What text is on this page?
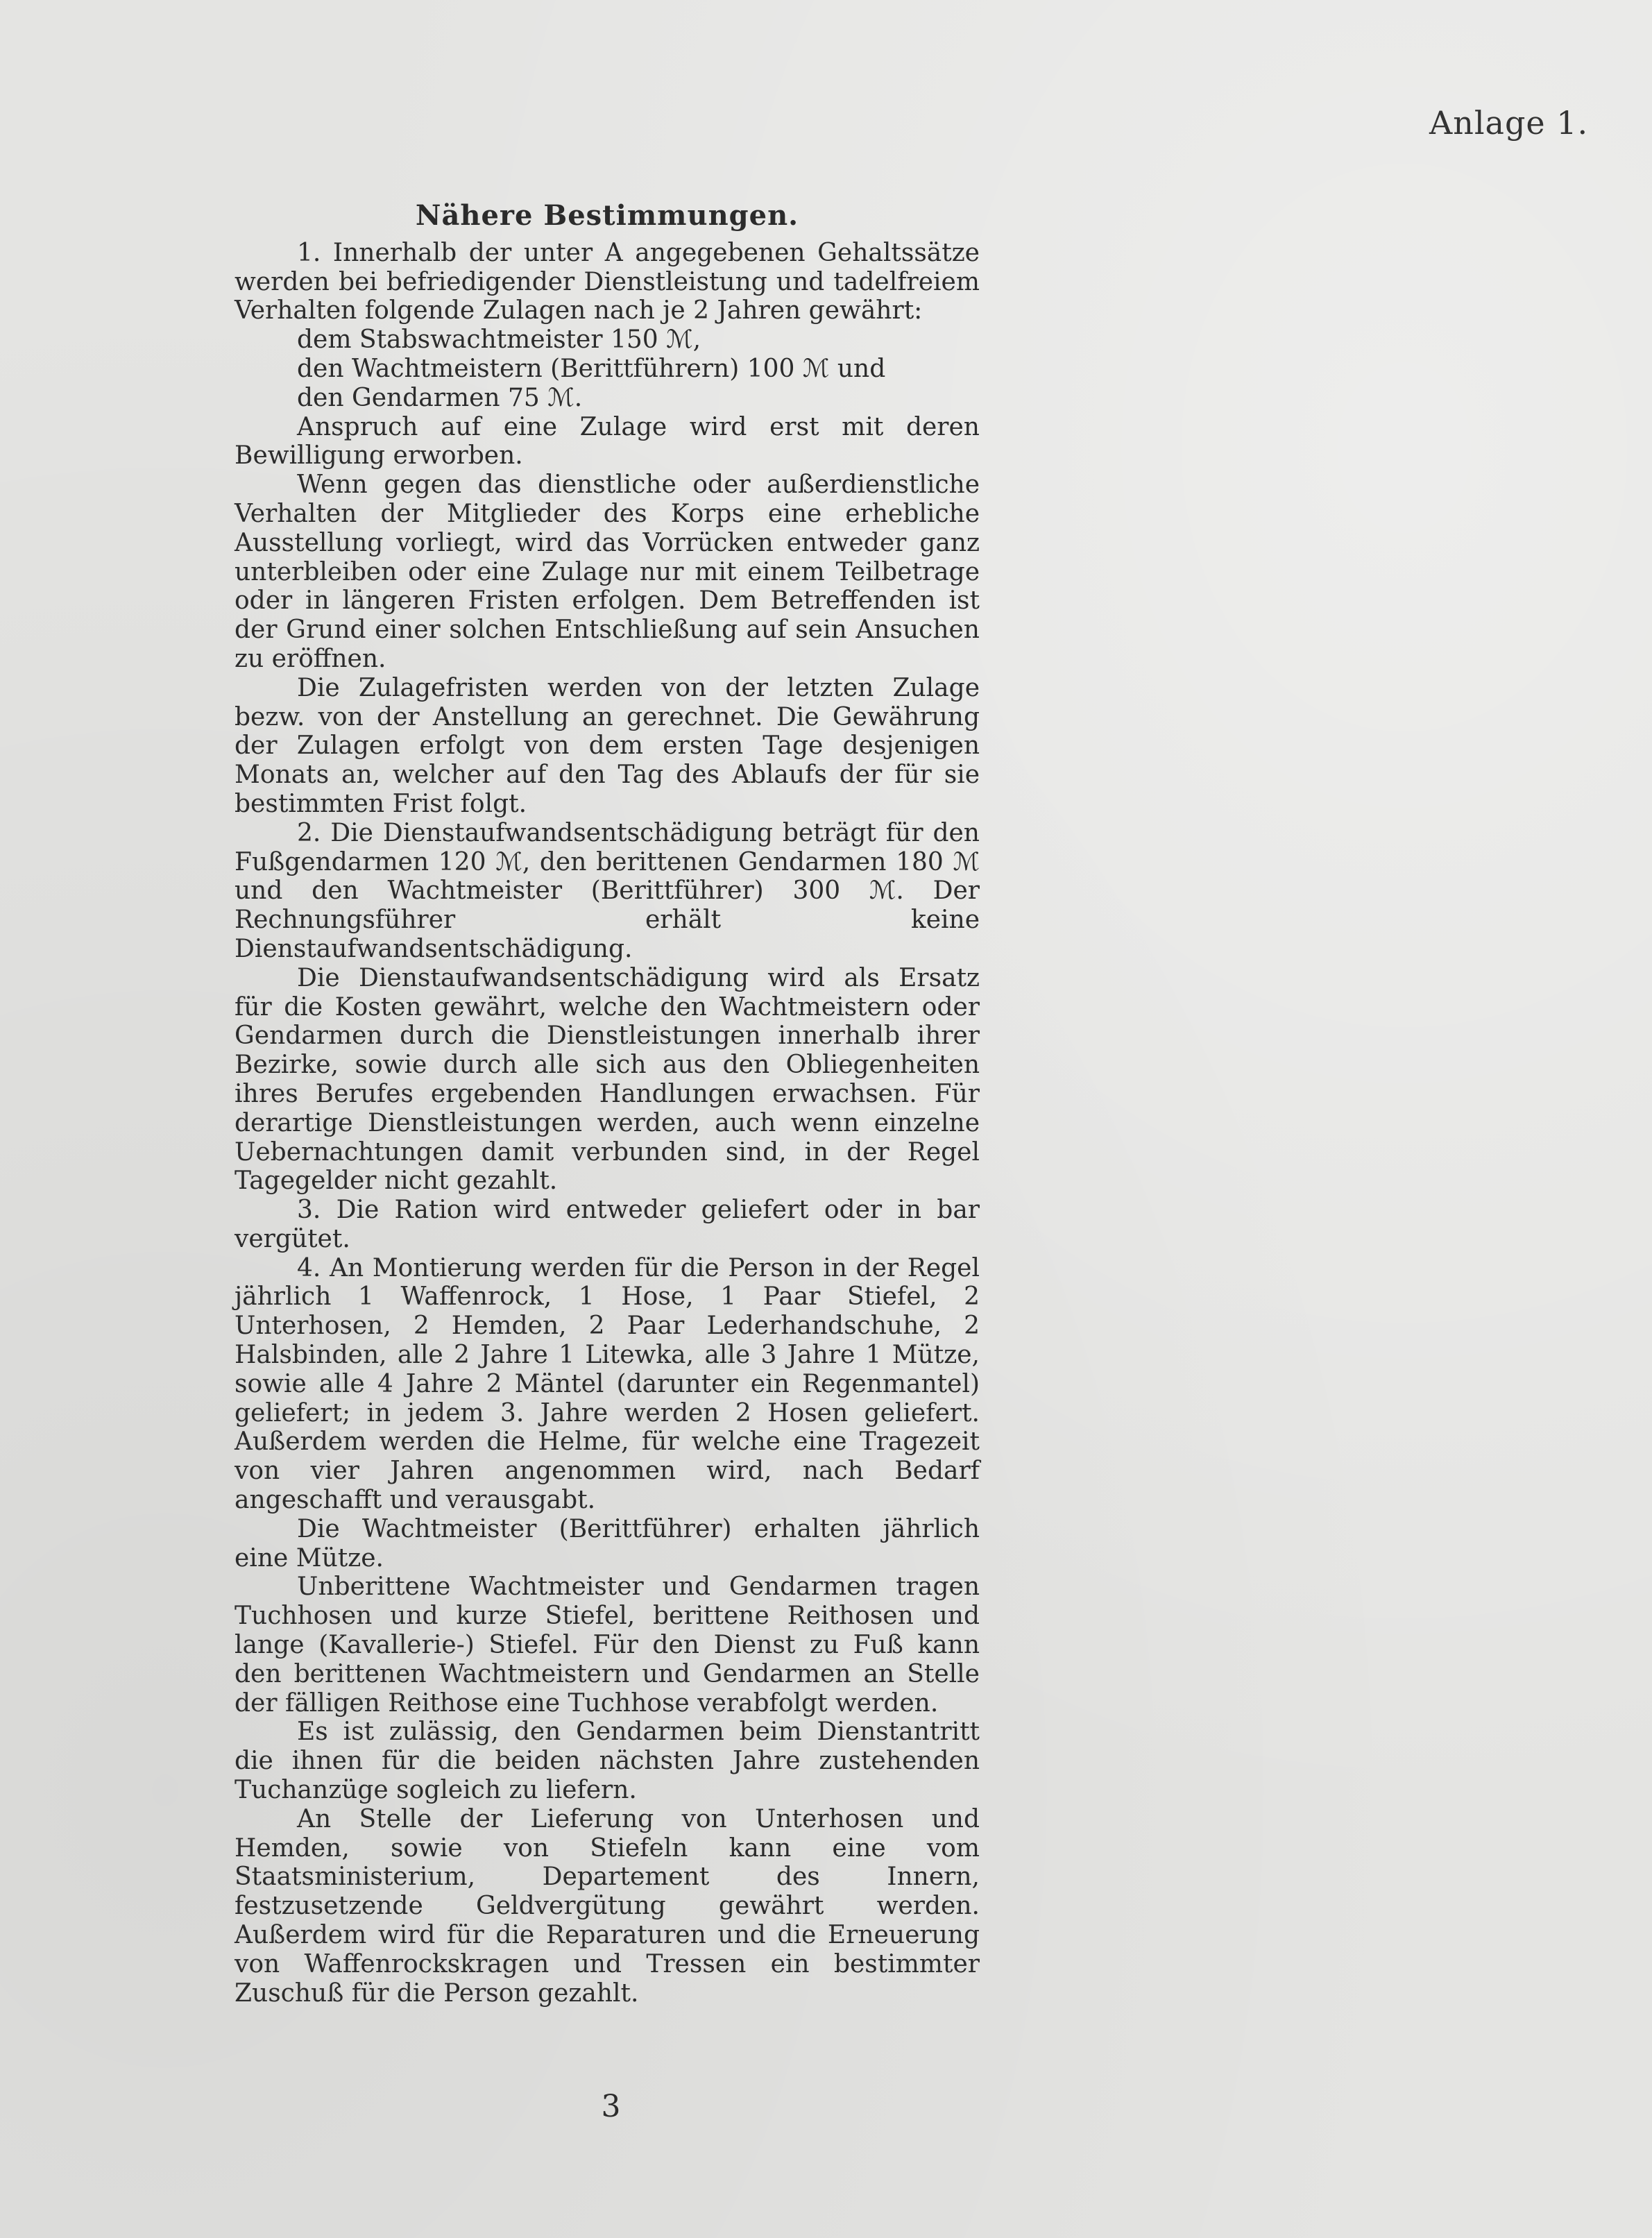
Anlage 1.
Nähere Bestimmungen.
1. Innerhalb der unter A angegebenen Gehaltssätze werden bei befriedigender Dienstleistung und tadelfreiem Verhalten folgende Zulagen nach je 2 Jahren gewährt:
dem Stabswachtmeister 150 ℳ,
den Wachtmeistern (Berittführern) 100 ℳ und
den Gendarmen 75 ℳ.
Anspruch auf eine Zulage wird erst mit deren Bewilligung erworben.
Wenn gegen das dienstliche oder außerdienstliche Verhalten der Mitglieder des Korps eine erhebliche Ausstellung vorliegt, wird das Vorrücken entweder ganz unterbleiben oder eine Zulage nur mit einem Teilbetrage oder in längeren Fristen erfolgen. Dem Betreffenden ist der Grund einer solchen Entschließung auf sein Ansuchen zu eröffnen.
Die Zulagefristen werden von der letzten Zulage bezw. von der Anstellung an gerechnet. Die Gewährung der Zulagen erfolgt von dem ersten Tage desjenigen Monats an, welcher auf den Tag des Ablaufs der für sie bestimmten Frist folgt.
2. Die Dienstaufwandsentschädigung beträgt für den Fußgendarmen 120 ℳ, den berittenen Gendarmen 180 ℳ und den Wachtmeister (Berittführer) 300 ℳ. Der Rechnungsführer erhält keine Dienstaufwandsentschädigung.
Die Dienstaufwandsentschädigung wird als Ersatz für die Kosten gewährt, welche den Wachtmeistern oder Gendarmen durch die Dienstleistungen innerhalb ihrer Bezirke, sowie durch alle sich aus den Obliegenheiten ihres Berufes ergebenden Handlungen erwachsen. Für derartige Dienstleistungen werden, auch wenn einzelne Uebernachtungen damit verbunden sind, in der Regel Tagegelder nicht gezahlt.
3. Die Ration wird entweder geliefert oder in bar vergütet.
4. An Montierung werden für die Person in der Regel jährlich 1 Waffenrock, 1 Hose, 1 Paar Stiefel, 2 Unterhosen, 2 Hemden, 2 Paar Lederhandschuhe, 2 Halsbinden, alle 2 Jahre 1 Litewka, alle 3 Jahre 1 Mütze, sowie alle 4 Jahre 2 Mäntel (darunter ein Regenmantel) geliefert; in jedem 3. Jahre werden 2 Hosen geliefert. Außerdem werden die Helme, für welche eine Tragezeit von vier Jahren angenommen wird, nach Bedarf angeschafft und verausgabt.
Die Wachtmeister (Berittführer) erhalten jährlich eine Mütze.
Unberittene Wachtmeister und Gendarmen tragen Tuchhosen und kurze Stiefel, berittene Reithosen und lange (Kavallerie-) Stiefel. Für den Dienst zu Fuß kann den berittenen Wachtmeistern und Gendarmen an Stelle der fälligen Reithose eine Tuchhose verabfolgt werden.
Es ist zulässig, den Gendarmen beim Dienstantritt die ihnen für die beiden nächsten Jahre zustehenden Tuchanzüge sogleich zu liefern.
An Stelle der Lieferung von Unterhosen und Hemden, sowie von Stiefeln kann eine vom Staatsministerium, Departement des Innern, festzusetzende Geldvergütung gewährt werden. Außerdem wird für die Reparaturen und die Erneuerung von Waffenrockskragen und Tressen ein bestimmter Zuschuß für die Person gezahlt.
3
